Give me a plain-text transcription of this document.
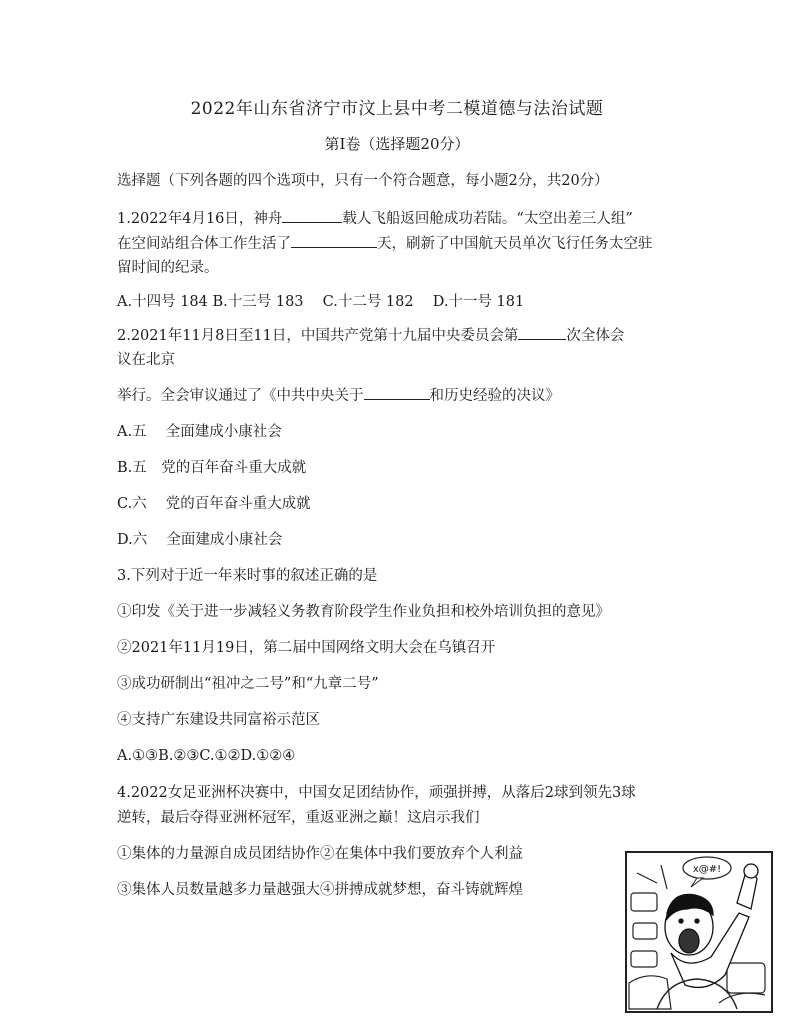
2022年山东省济宁市汶上县中考二模道德与法治试题
第Ⅰ卷（选择题20分）
选择题（下列各题的四个选项中，只有一个符合题意，每小题2分，共20分）
1.2022年4月16日，神舟	载人飞船返回舱成功若陆。“太空出差三人组”
在空间站组合体工作生活了	天，刷新了中国航天员单次飞行任务太空驻
留时间的纪录。
A.十四号 184 B.十三号 183　 C.十二号 182　 D.十一号 181
2.2021年11月8日至11日，中国共产党第十九届中央委员会第	次全体会
议在北京
举行。全会审议通过了《中共中央关于	和历史经验的决议》
A.五　 全面建成小康社会
B.五　党的百年奋斗重大成就
C.六　 党的百年奋斗重大成就
D.六　 全面建成小康社会
3.下列对于近一年来时事的叙述正确的是
①印发《关于进一步减轻义务教育阶段学生作业负担和校外培训负担的意见》
②2021年11月19日，第二届中国网络文明大会在乌镇召开
③成功研制出“祖冲之二号”和“九章二号”
④支持广东建设共同富裕示范区
A.①③B.②③C.①②D.①②④
4.2022女足亚洲杯决赛中，中国女足团结协作，顽强拼搏，从落后2球到领先3球
逆转，最后夺得亚洲杯冠军，重返亚洲之巅！这启示我们
①集体的力量源自成员团结协作②在集体中我们要放弃个人利益
③集体人员数量越多力量越强大④拼搏成就梦想，奋斗铸就辉煌
x@#!
